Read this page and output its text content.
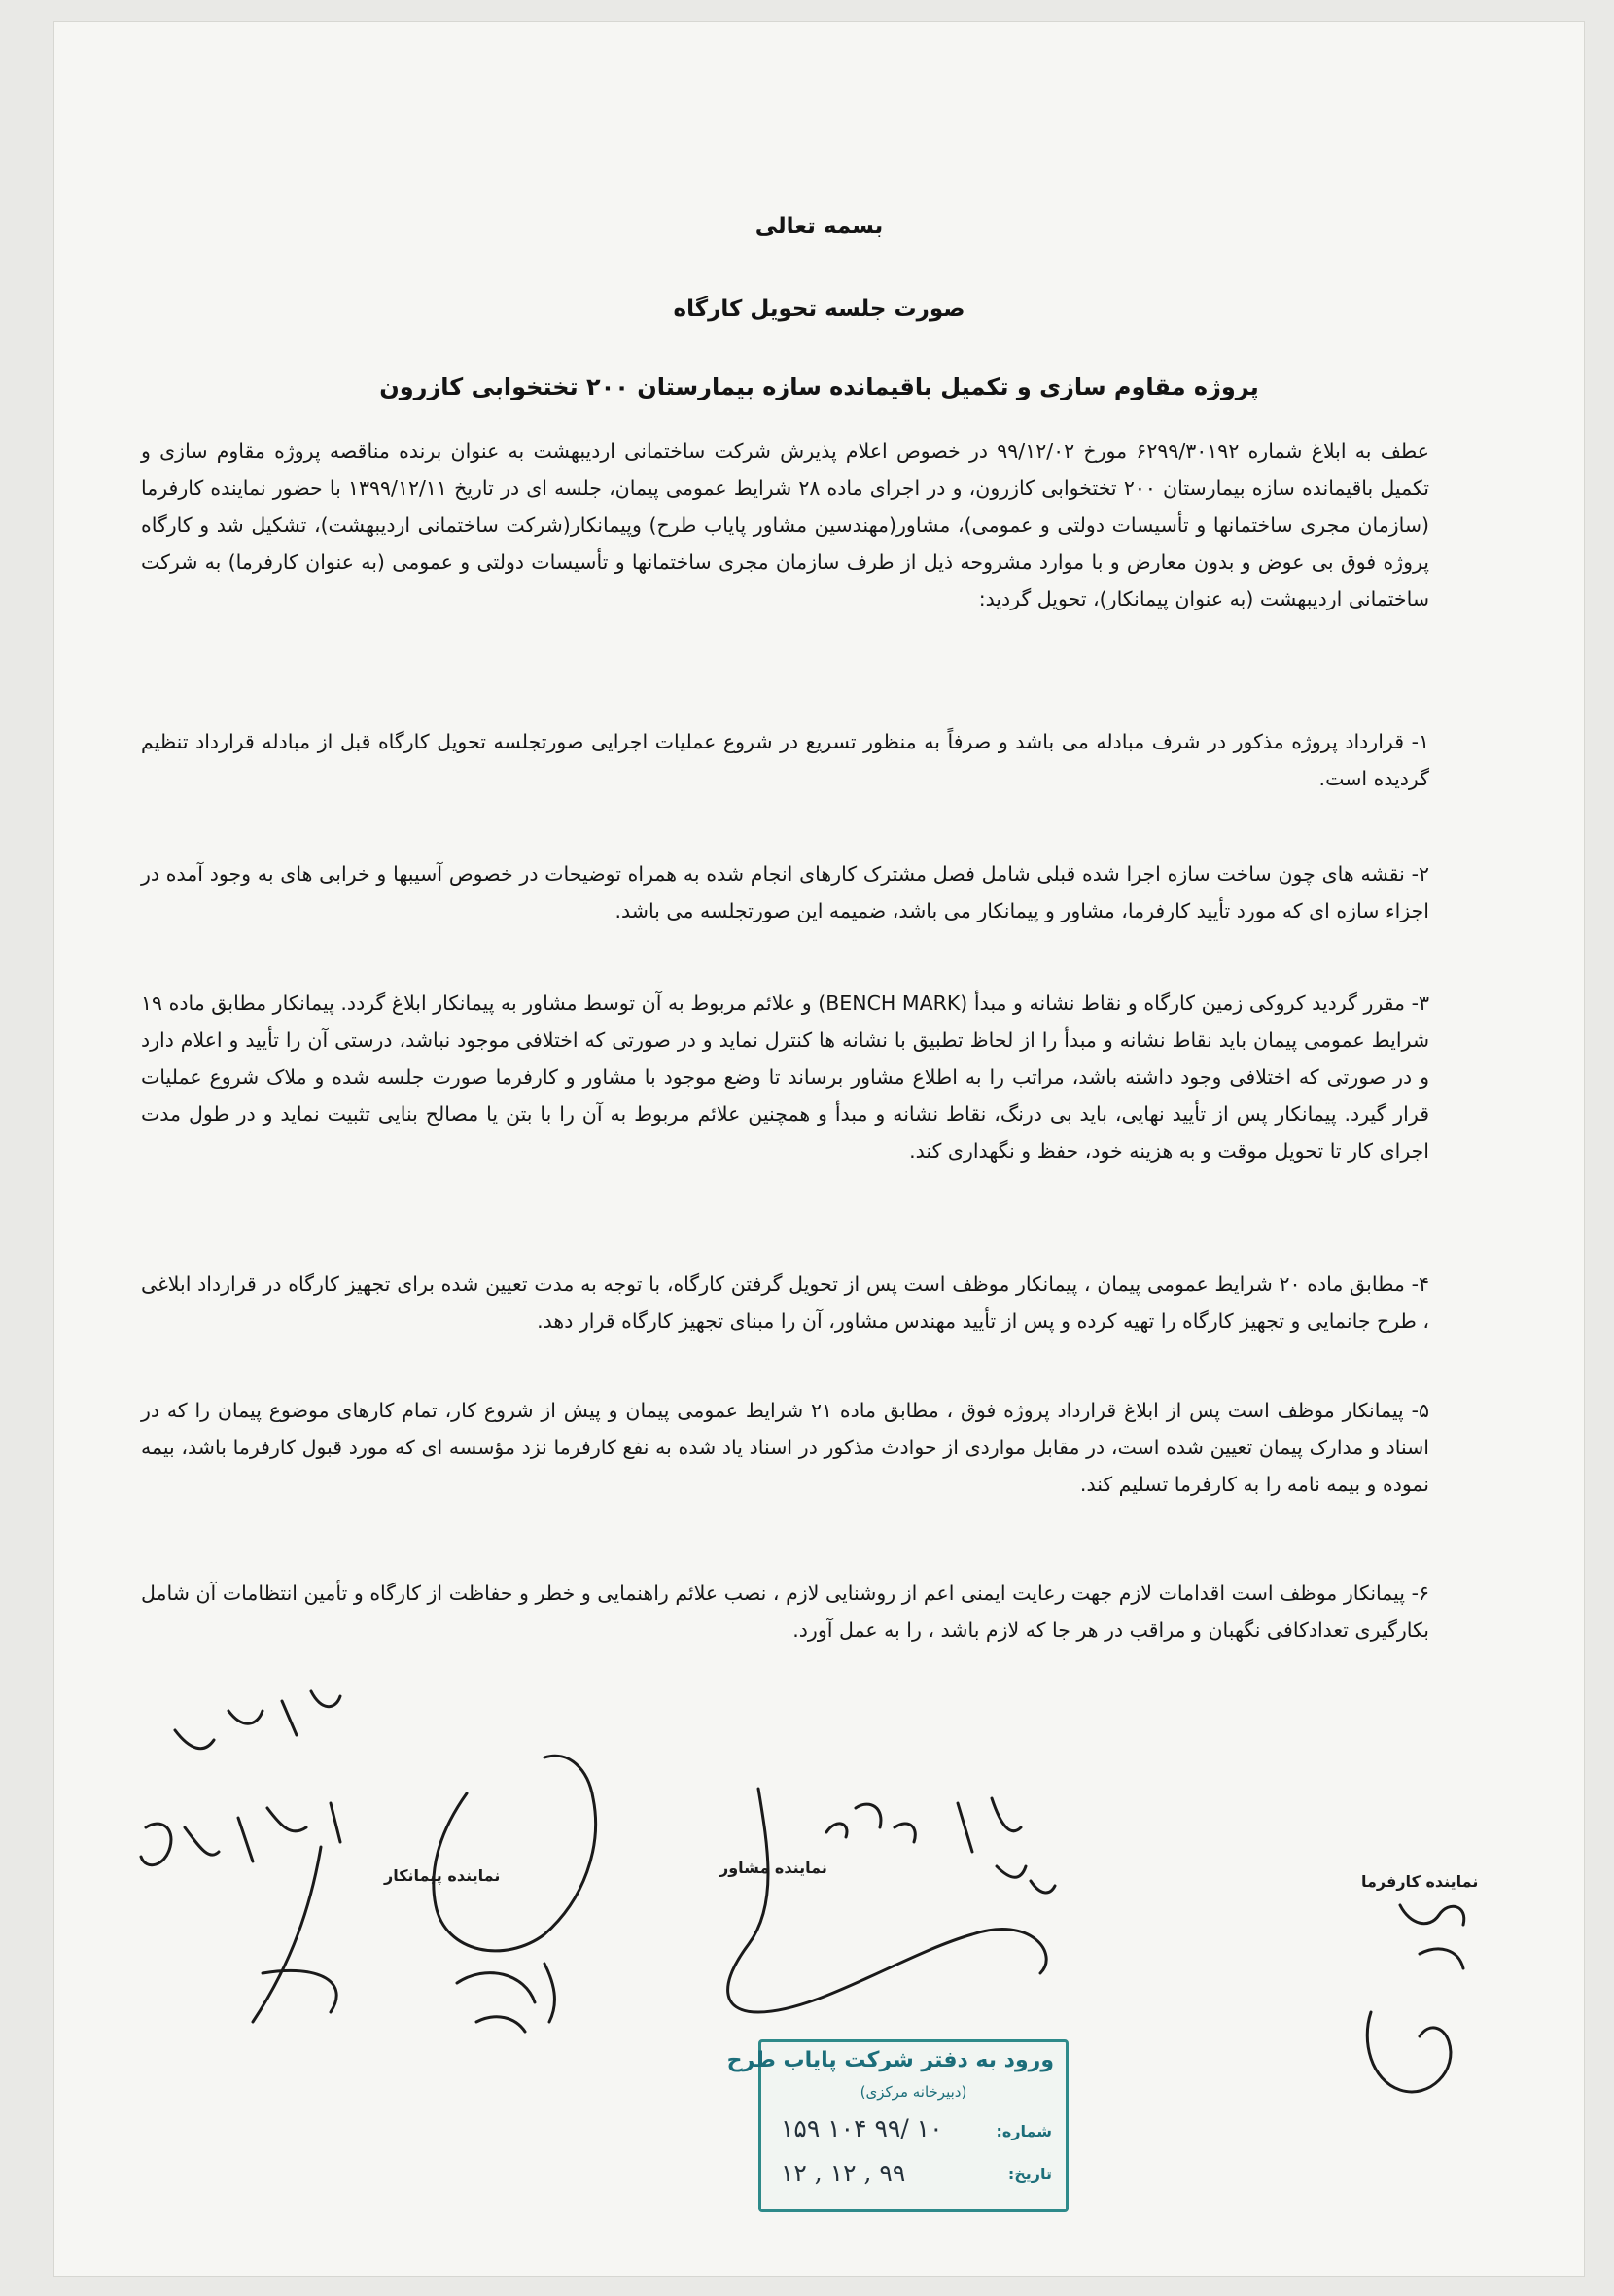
بسمه تعالی
صورت جلسه تحویل کارگاه
پروژه مقاوم سازی و تکمیل باقیمانده سازه بیمارستان ۲۰۰ تختخوابی کازرون
عطف به ابلاغ شماره ۶۲۹۹/۳۰۱۹۲ مورخ ۹۹/۱۲/۰۲ در خصوص اعلام پذیرش شرکت ساختمانی اردیبهشت به عنوان برنده مناقصه پروژه مقاوم سازی و تکمیل باقیمانده سازه بیمارستان ۲۰۰ تختخوابی کازرون، و در اجرای ماده ۲۸ شرایط عمومی پیمان، جلسه ای در تاریخ ۱۳۹۹/۱۲/۱۱ با حضور نماینده کارفرما (سازمان مجری ساختمانها و تأسیسات دولتی و عمومی)، مشاور(مهندسین مشاور پایاب طرح) وپیمانکار(شرکت ساختمانی اردیبهشت)، تشکیل شد و کارگاه پروژه فوق بی عوض و بدون معارض و با موارد مشروحه ذیل از طرف سازمان مجری ساختمانها و تأسیسات دولتی و عمومی (به عنوان کارفرما) به شرکت ساختمانی اردیبهشت (به عنوان پیمانکار)، تحویل گردید:
۱- قرارداد پروژه مذکور در شرف مبادله می باشد و صرفاً به منظور تسریع در شروع عملیات اجرایی صورتجلسه تحویل کارگاه قبل از مبادله قرارداد تنظیم گردیده است.
۲- نقشه های چون ساخت سازه اجرا شده قبلی شامل فصل مشترک کارهای انجام شده به همراه توضیحات در خصوص آسیبها و خرابی های به وجود آمده در اجزاء سازه ای که مورد تأیید کارفرما، مشاور و پیمانکار می باشد، ضمیمه این صورتجلسه می باشد.
۳- مقرر گردید کروکی زمین کارگاه و نقاط نشانه و مبدأ (BENCH MARK) و علائم مربوط به آن توسط مشاور به پیمانکار ابلاغ گردد. پیمانکار مطابق ماده ۱۹ شرایط عمومی پیمان باید نقاط نشانه و مبدأ را از لحاظ تطبیق با نشانه ها کنترل نماید و در صورتی که اختلافی موجود نباشد، درستی آن را تأیید و اعلام دارد و در صورتی که اختلافی وجود داشته باشد، مراتب را به اطلاع مشاور برساند تا وضع موجود با مشاور و کارفرما صورت جلسه شده و ملاک شروع عملیات قرار گیرد. پیمانکار پس از تأیید نهایی، باید بی درنگ، نقاط نشانه و مبدأ و همچنین علائم مربوط به آن را با بتن یا مصالح بنایی تثبیت نماید و در طول مدت اجرای کار تا تحویل موقت و به هزینه خود، حفظ و نگهداری کند.
۴- مطابق ماده ۲۰ شرایط عمومی پیمان ، پیمانکار موظف است پس از تحویل گرفتن کارگاه، با توجه به مدت تعیین شده برای تجهیز کارگاه در قرارداد ابلاغی ، طرح جانمایی و تجهیز کارگاه را تهیه کرده و پس از تأیید مهندس مشاور، آن را مبنای تجهیز کارگاه قرار دهد.
۵- پیمانکار موظف است پس از ابلاغ قرارداد پروژه فوق ، مطابق ماده ۲۱ شرایط عمومی پیمان و پیش از شروع کار، تمام کارهای موضوع پیمان را که در اسناد و مدارک پیمان تعیین شده است، در مقابل مواردی از حوادث مذکور در اسناد یاد شده به نفع کارفرما نزد مؤسسه ای که مورد قبول کارفرما باشد، بیمه نموده و بیمه نامه را به کارفرما تسلیم کند.
۶- پیمانکار موظف است اقدامات لازم جهت رعایت ایمنی اعم از روشنایی لازم ، نصب علائم راهنمایی و خطر و حفاظت از کارگاه و تأمین انتظامات آن شامل بکارگیری تعدادکافی نگهبان و مراقب در هر جا که لازم باشد ، را به عمل آورد.
نماینده کارفرما
نماینده مشاور
نماینده پیمانکار
ورود به دفتر شرکت پایاب طرح
(دبیرخانه مرکزی)
شماره:
۱۵۹ ۱۰۴ ۹۹/ ۱۰
تاریخ:
۱۲ , ۱۲ , ۹۹
